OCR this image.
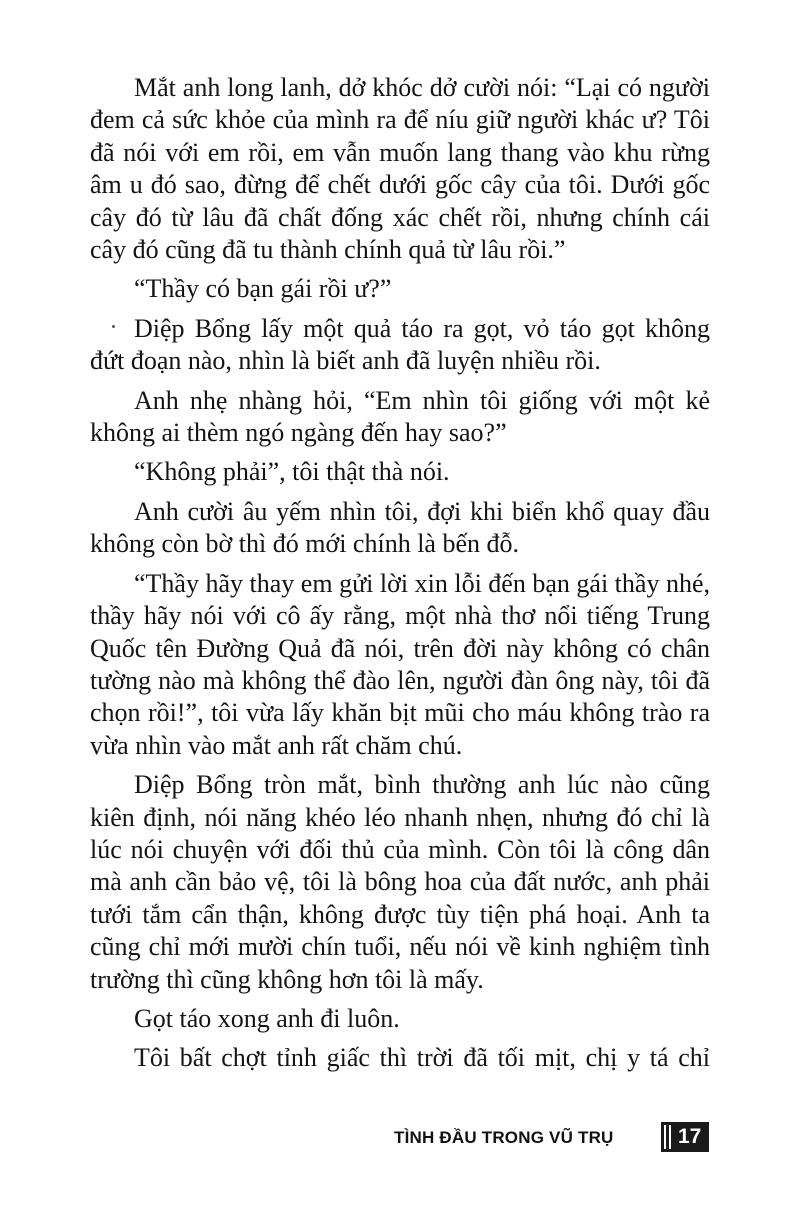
Mắt anh long lanh, dở khóc dở cười nói: “Lại có người đem cả sức khỏe của mình ra để níu giữ người khác ư? Tôi đã nói với em rồi, em vẫn muốn lang thang vào khu rừng âm u đó sao, đừng để chết dưới gốc cây của tôi. Dưới gốc cây đó từ lâu đã chất đống xác chết rồi, nhưng chính cái cây đó cũng đã tu thành chính quả từ lâu rồi.”

“Thầy có bạn gái rồi ư?”

Diệp Bổng lấy một quả táo ra gọt, vỏ táo gọt không đứt đoạn nào, nhìn là biết anh đã luyện nhiều rồi.

Anh nhẹ nhàng hỏi, “Em nhìn tôi giống với một kẻ không ai thèm ngó ngàng đến hay sao?”

“Không phải”, tôi thật thà nói.

Anh cười âu yếm nhìn tôi, đợi khi biển khổ quay đầu không còn bờ thì đó mới chính là bến đỗ.

“Thầy hãy thay em gửi lời xin lỗi đến bạn gái thầy nhé, thầy hãy nói với cô ấy rằng, một nhà thơ nổi tiếng Trung Quốc tên Đường Quả đã nói, trên đời này không có chân tường nào mà không thể đào lên, người đàn ông này, tôi đã chọn rồi!”, tôi vừa lấy khăn bịt mũi cho máu không trào ra vừa nhìn vào mắt anh rất chăm chú.

Diệp Bổng tròn mắt, bình thường anh lúc nào cũng kiên định, nói năng khéo léo nhanh nhẹn, nhưng đó chỉ là lúc nói chuyện với đối thủ của mình. Còn tôi là công dân mà anh cần bảo vệ, tôi là bông hoa của đất nước, anh phải tưới tắm cẩn thận, không được tùy tiện phá hoại. Anh ta cũng chỉ mới mười chín tuổi, nếu nói về kinh nghiệm tình trường thì cũng không hơn tôi là mấy.

Gọt táo xong anh đi luôn.

Tôi bất chợt tỉnh giấc thì trời đã tối mịt, chị y tá chỉ

TÌNH ĐẦU TRONG VŨ TRỤ	17
